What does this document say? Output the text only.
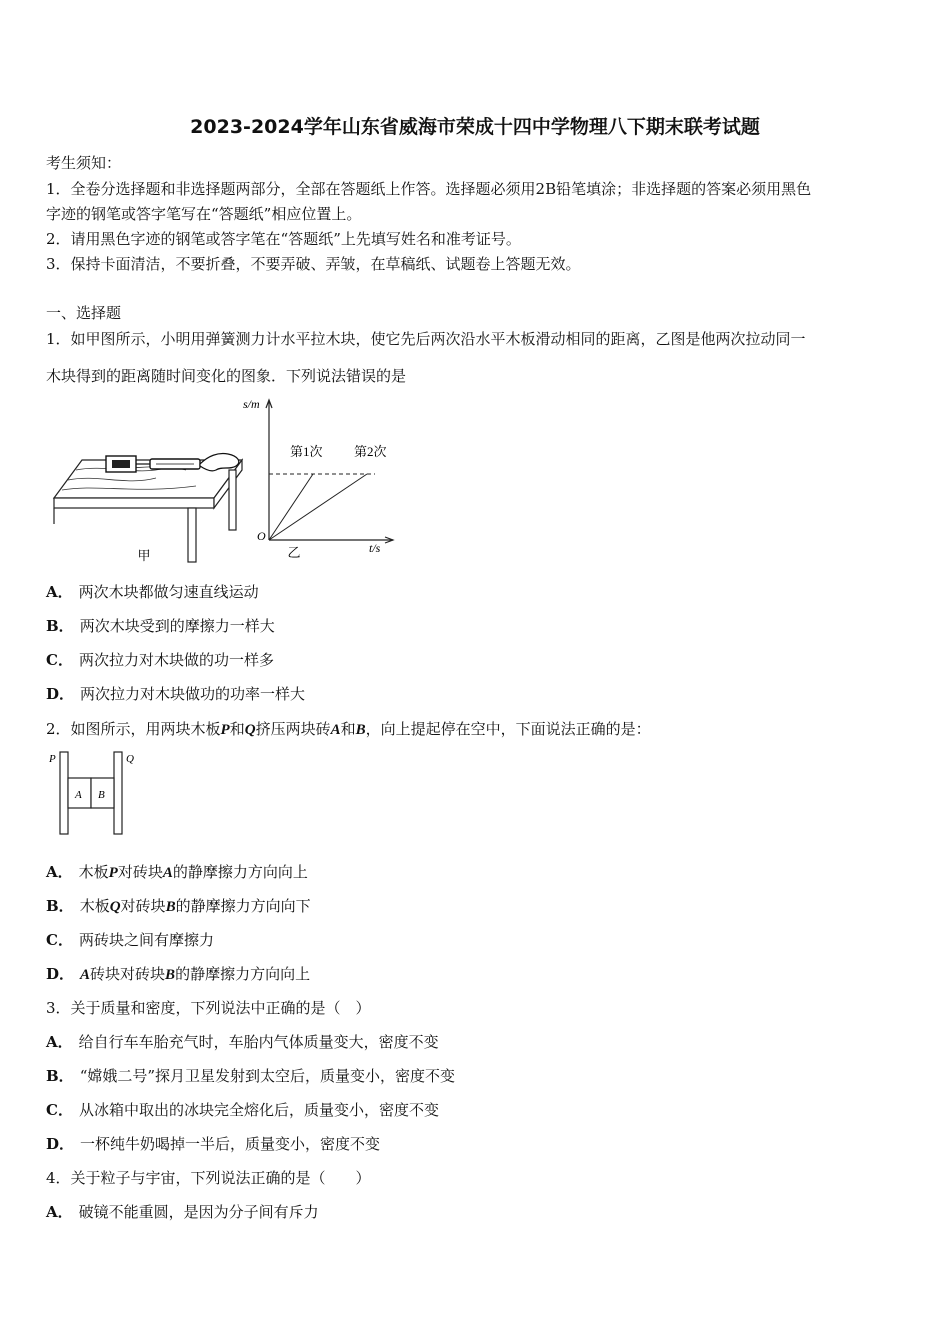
2023-2024学年山东省威海市荣成十四中学物理八下期末联考试题
考生须知：
1．全卷分选择题和非选择题两部分，全部在答题纸上作答。选择题必须用2B铅笔填涂；非选择题的答案必须用黑色
字迹的钢笔或答字笔写在“答题纸”相应位置上。
2．请用黑色字迹的钢笔或答字笔在“答题纸”上先填写姓名和准考证号。
3．保持卡面清洁，不要折叠，不要弄破、弄皱，在草稿纸、试题卷上答题无效。
一、选择题
1．如甲图所示，小明用弹簧测力计水平拉木块，使它先后两次沿水平木板滑动相同的距离，乙图是他两次拉动同一
木块得到的距离随时间变化的图象．下列说法错误的是
甲
s/m
t/s
O
第1次 第2次
乙
A． 两次木块都做匀速直线运动
B． 两次木块受到的摩擦力一样大
C． 两次拉力对木块做的功一样多
D． 两次拉力对木块做功的功率一样大
2．如图所示，用两块木板P和Q挤压两块砖A和B，向上提起停在空中，下面说法正确的是：
P	Q
A B
A． 木板P对砖块A的静摩擦力方向向上
B． 木板Q对砖块B的静摩擦力方向向下
C． 两砖块之间有摩擦力
D． A砖块对砖块B的静摩擦力方向向上
3．关于质量和密度，下列说法中正确的是（　）
A． 给自行车车胎充气时，车胎内气体质量变大，密度不变
B． “嫦娥二号”探月卫星发射到太空后，质量变小，密度不变
C． 从冰箱中取出的冰块完全熔化后，质量变小，密度不变
D． 一杯纯牛奶喝掉一半后，质量变小，密度不变
4．关于粒子与宇宙，下列说法正确的是（　　）
A． 破镜不能重圆，是因为分子间有斥力
